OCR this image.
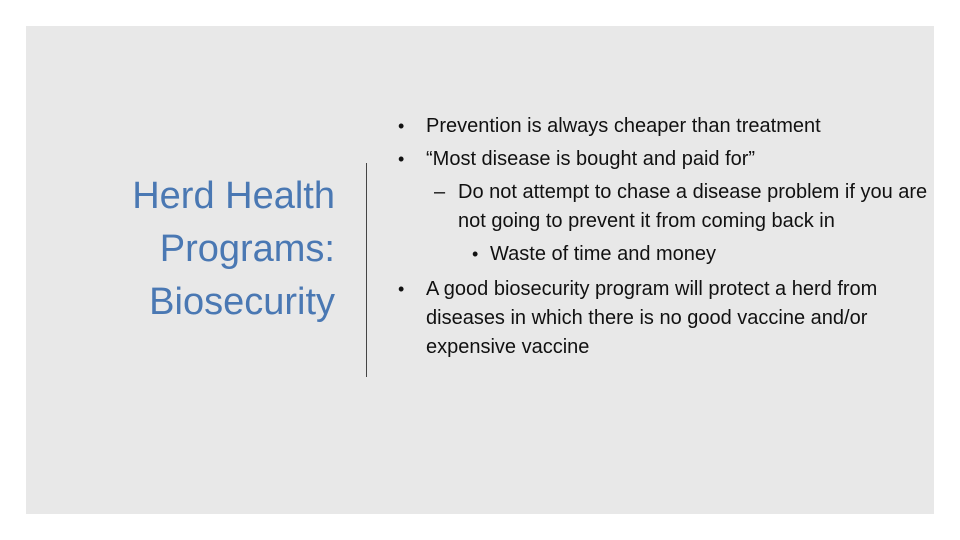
Herd Health
Programs:
Biosecurity
• Prevention is always cheaper than treatment
• “Most disease is bought and paid for”
– Do not attempt to chase a disease problem if you are not going to prevent it from coming back in
• Waste of time and money
• A good biosecurity program will protect a herd from diseases in which there is no good vaccine and/or expensive vaccine
